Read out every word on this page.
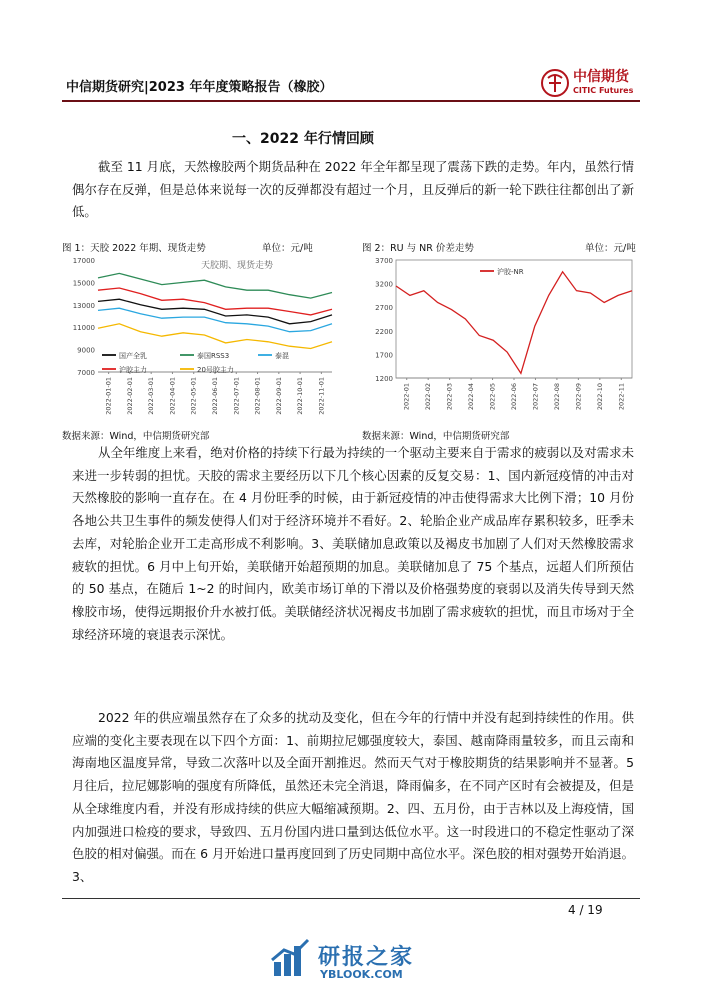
中信期货研究|2023 年年度策略报告（橡胶）
中信期货
CITIC Futures
一、2022 年行情回顾

截至 11 月底，天然橡胶两个期货品种在 2022 年全年都呈现了震荡下跌的走势。年内，虽然行情偶尔存在反弹，但是总体来说每一次的反弹都没有超过一个月，且反弹后的新一轮下跌往往都创出了新低。

图 1：天胶 2022 年期、现货走势	单位：元/吨
7000
9000
11000
13000
15000
17000
2022-01-01 2022-02-01 2022-03-01 2022-04-01 2022-05-01 2022-06-01 2022-07-01 2022-08-01 2022-09-01 2022-10-01 2022-11-01
天胶期、现货走势
国产全乳	泰国RSS3	泰混
沪胶主力	20号胶主力
数据来源：Wind，中信期货研究部
图 2：RU 与 NR 价差走势	单位：元/吨
1200
1700
2200
2700
3200
3700
2022-01 2022-02 2022-03 2022-04 2022-05 2022-06 2022-07 2022-08 2022-09 2022-10 2022-11
沪胶-NR
数据来源：Wind，中信期货研究部

从全年维度上来看，绝对价格的持续下行最为持续的一个驱动主要来自于需求的疲弱以及对需求未来进一步转弱的担忧。天胶的需求主要经历以下几个核心因素的反复交易：1、国内新冠疫情的冲击对天然橡胶的影响一直存在。在 4 月份旺季的时候，由于新冠疫情的冲击使得需求大比例下滑；10 月份各地公共卫生事件的频发使得人们对于经济环境并不看好。2、轮胎企业产成品库存累积较多，旺季未去库，对轮胎企业开工走高形成不利影响。3、美联储加息政策以及褐皮书加剧了人们对天然橡胶需求疲软的担忧。6 月中上旬开始，美联储开始超预期的加息。美联储加息了 75 个基点，远超人们所预估的 50 基点，在随后 1~2 的时间内，欧美市场订单的下滑以及价格强势度的衰弱以及消失传导到天然橡胶市场，使得远期报价升水被打低。美联储经济状况褐皮书加剧了需求疲软的担忧，而且市场对于全球经济环境的衰退表示深忧。

2022 年的供应端虽然存在了众多的扰动及变化，但在今年的行情中并没有起到持续性的作用。供应端的变化主要表现在以下四个方面：1、前期拉尼娜强度较大，泰国、越南降雨量较多，而且云南和海南地区温度异常，导致二次落叶以及全面开割推迟。然而天气对于橡胶期货的结果影响并不显著。5 月往后，拉尼娜影响的强度有所降低，虽然还未完全消退，降雨偏多，在不同产区时有会被提及，但是从全球维度内看，并没有形成持续的供应大幅缩减预期。2、四、五月份，由于吉林以及上海疫情，国内加强进口检疫的要求，导致四、五月份国内进口量到达低位水平。这一时段进口的不稳定性驱动了深色胶的相对偏强。而在 6 月开始进口量再度回到了历史同期中高位水平。深色胶的相对强势开始消退。3、

4 / 19
研报之家
YBLOOK.COM
